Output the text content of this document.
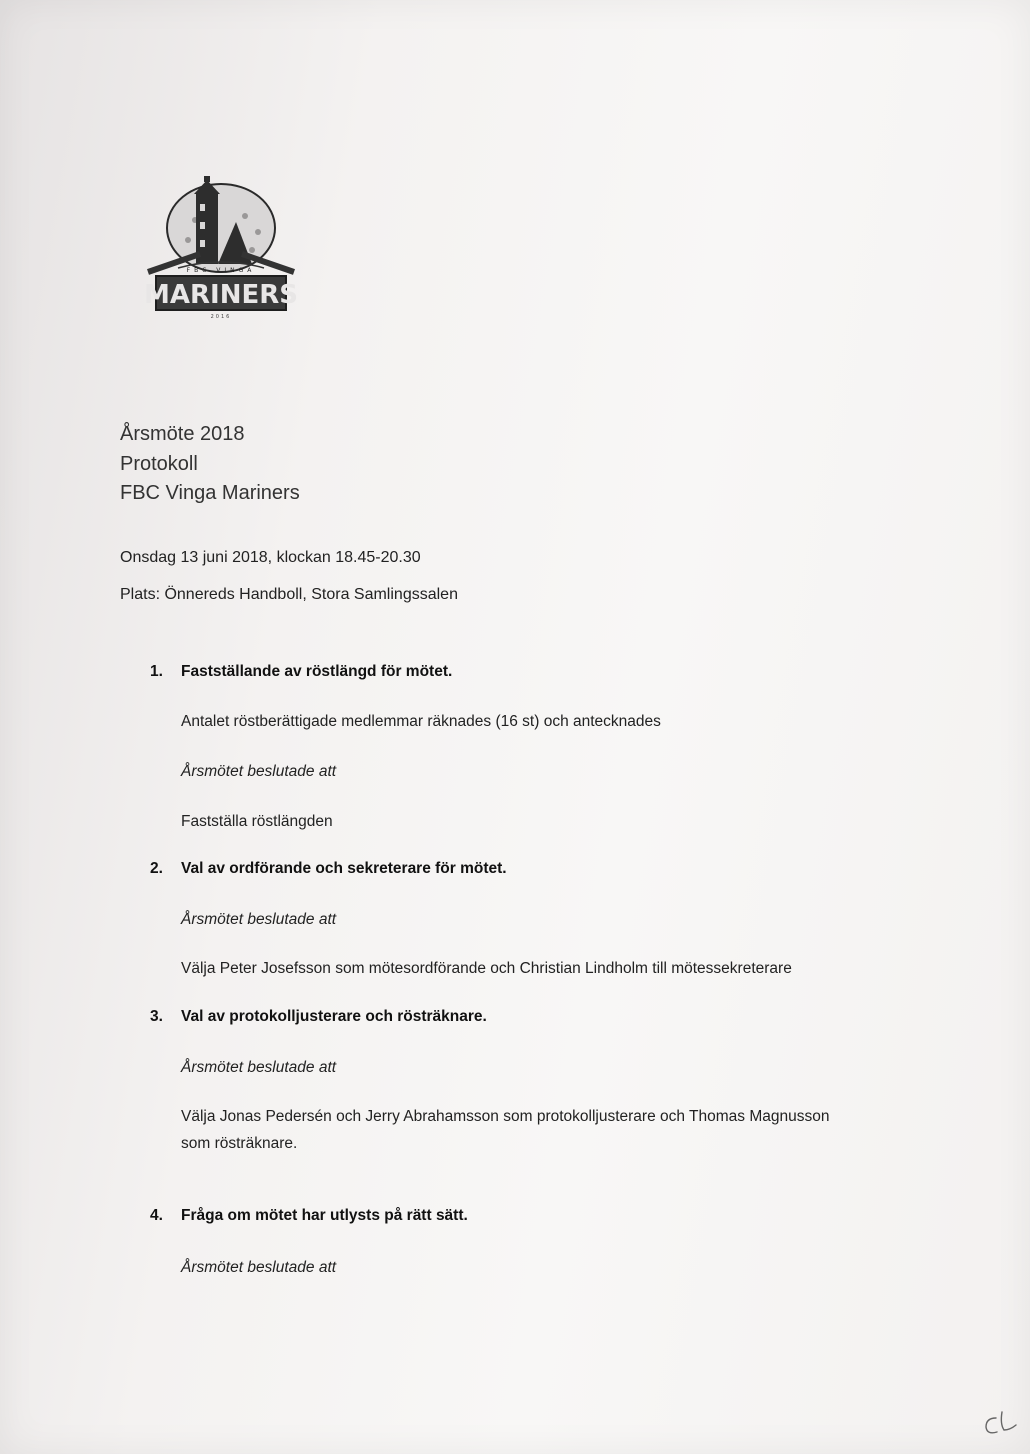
FBC VINGA
MARINERS
2016
Årsmöte 2018
Protokoll
FBC Vinga Mariners
Onsdag 13 juni 2018, klockan 18.45-20.30
Plats: Önnereds Handboll, Stora Samlingssalen
1. Fastställande av röstlängd för mötet.
Antalet röstberättigade medlemmar räknades (16 st) och antecknades
Årsmötet beslutade att
Fastställa röstlängden
2. Val av ordförande och sekreterare för mötet.
Årsmötet beslutade att
Välja Peter Josefsson som mötesordförande och Christian Lindholm till mötessekreterare
3. Val av protokolljusterare och rösträknare.
Årsmötet beslutade att
Välja Jonas Pedersén och Jerry Abrahamsson som protokolljusterare och Thomas Magnusson
som rösträknare.
4. Fråga om mötet har utlysts på rätt sätt.
Årsmötet beslutade att
